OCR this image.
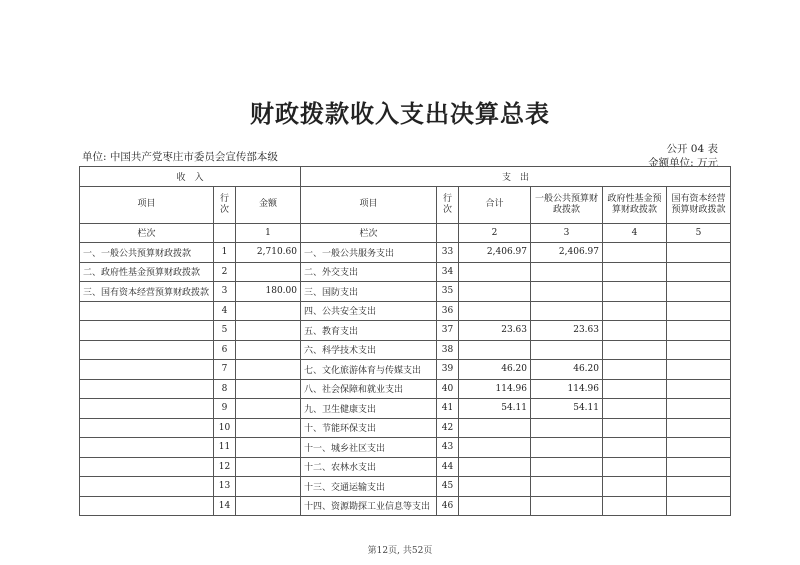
财政拨款收入支出决算总表
单位: 中国共产党枣庄市委员会宣传部本级
公开 04 表
金额单位: 万元
收　入			支　出					
项目	行次	金额	项目	行次	合计	一般公共预算财政拨款	政府性基金预算财政拨款	国有资本经营预算财政拨款
栏次		1	栏次		2	3	4	5
一、一般公共预算财政拨款	1	2,710.60	一、一般公共服务支出	33	2,406.97	2,406.97		
二、政府性基金预算财政拨款	2		二、外交支出	34				
三、国有资本经营预算财政拨款	3	180.00	三、国防支出	35				
	4		四、公共安全支出	36				
	5		五、教育支出	37	23.63	23.63		
	6		六、科学技术支出	38				
	7		七、文化旅游体育与传媒支出	39	46.20	46.20		
	8		八、社会保障和就业支出	40	114.96	114.96		
	9		九、卫生健康支出	41	54.11	54.11		
	10		十、节能环保支出	42				
	11		十一、城乡社区支出	43				
	12		十二、农林水支出	44				
	13		十三、交通运输支出	45				
	14		十四、资源勘探工业信息等支出	46				
第12页, 共52页
